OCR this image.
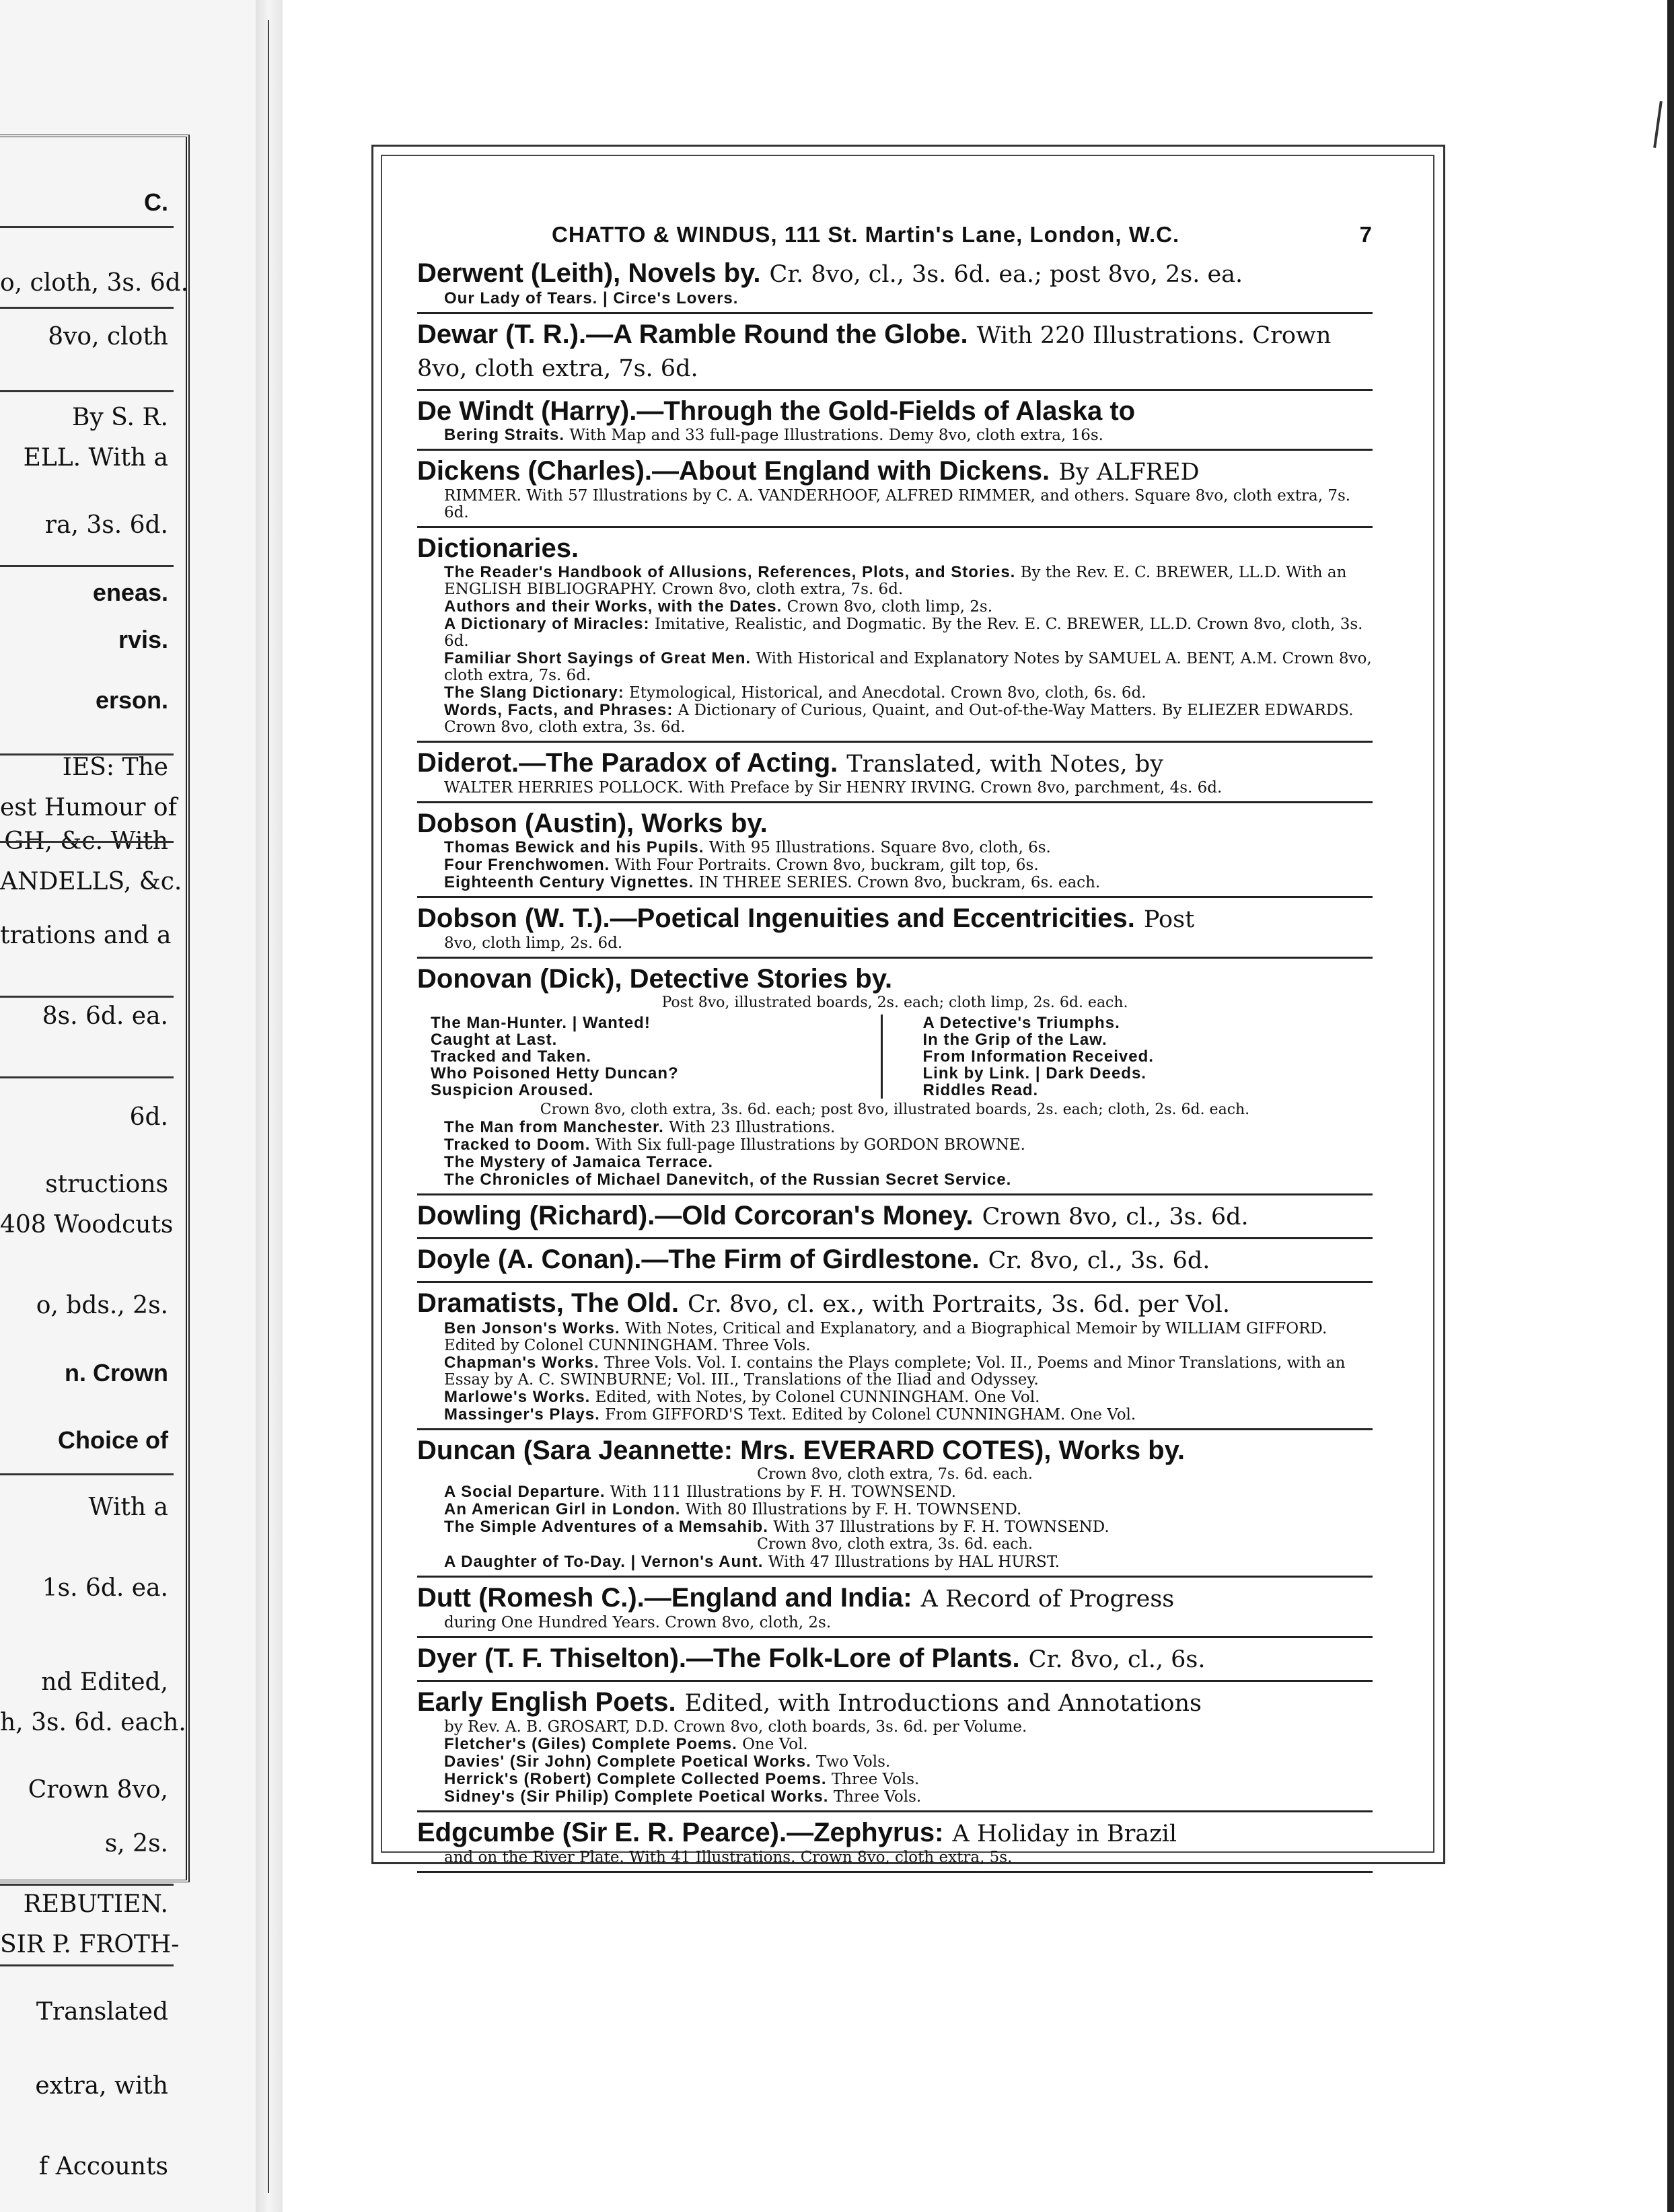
C.
o, cloth, 3s. 6d.
8vo, cloth
By S. R.
ELL. With a
ra, 3s. 6d.
eneas.
rvis.
erson.
IES: The
est Humour of
GH, &c. With
ANDELLS, &c.
trations and a
8s. 6d. ea.
6d.
structions
408 Woodcuts
o, bds., 2s.
n. Crown
Choice of
With a
1s. 6d. ea.
nd Edited,
h, 3s. 6d. each.
Crown 8vo,
s, 2s.
REBUTIEN.
SIR P. FROTH-
Translated
extra, with
f Accounts
CHATTO & WINDUS, 111 St. Martin's Lane, London, W.C.	7
Derwent (Leith), Novels by. Cr. 8vo, cl., 3s. 6d. ea.; post 8vo, 2s. ea.
Our Lady of Tears. | Circe's Lovers.
Dewar (T. R.).—A Ramble Round the Globe. With 220 Illustrations. Crown 8vo, cloth extra, 7s. 6d.
De Windt (Harry).—Through the Gold-Fields of Alaska to
Bering Straits. With Map and 33 full-page Illustrations. Demy 8vo, cloth extra, 16s.
Dickens (Charles).—About England with Dickens. By ALFRED
RIMMER. With 57 Illustrations by C. A. VANDERHOOF, ALFRED RIMMER, and others. Square 8vo, cloth extra, 7s. 6d.
Dictionaries.
The Reader's Handbook of Allusions, References, Plots, and Stories. By the Rev. E. C. BREWER, LL.D. With an ENGLISH BIBLIOGRAPHY. Crown 8vo, cloth extra, 7s. 6d.
Authors and their Works, with the Dates. Crown 8vo, cloth limp, 2s.
A Dictionary of Miracles: Imitative, Realistic, and Dogmatic. By the Rev. E. C. BREWER, LL.D. Crown 8vo, cloth, 3s. 6d.
Familiar Short Sayings of Great Men. With Historical and Explanatory Notes by SAMUEL A. BENT, A.M. Crown 8vo, cloth extra, 7s. 6d.
The Slang Dictionary: Etymological, Historical, and Anecdotal. Crown 8vo, cloth, 6s. 6d.
Words, Facts, and Phrases: A Dictionary of Curious, Quaint, and Out-of-the-Way Matters. By ELIEZER EDWARDS. Crown 8vo, cloth extra, 3s. 6d.
Diderot.—The Paradox of Acting. Translated, with Notes, by
WALTER HERRIES POLLOCK. With Preface by Sir HENRY IRVING. Crown 8vo, parchment, 4s. 6d.
Dobson (Austin), Works by.
Thomas Bewick and his Pupils. With 95 Illustrations. Square 8vo, cloth, 6s.
Four Frenchwomen. With Four Portraits. Crown 8vo, buckram, gilt top, 6s.
Eighteenth Century Vignettes. IN THREE SERIES. Crown 8vo, buckram, 6s. each.
Dobson (W. T.).—Poetical Ingenuities and Eccentricities. Post
8vo, cloth limp, 2s. 6d.
Donovan (Dick), Detective Stories by.
Post 8vo, illustrated boards, 2s. each; cloth limp, 2s. 6d. each.
The Man-Hunter. | Wanted!
Caught at Last.
Tracked and Taken.
Who Poisoned Hetty Duncan?
Suspicion Aroused.
A Detective's Triumphs.
In the Grip of the Law.
From Information Received.
Link by Link. | Dark Deeds.
Riddles Read.
Crown 8vo, cloth extra, 3s. 6d. each; post 8vo, illustrated boards, 2s. each; cloth, 2s. 6d. each.
The Man from Manchester. With 23 Illustrations.
Tracked to Doom. With Six full-page Illustrations by GORDON BROWNE.
The Mystery of Jamaica Terrace.
The Chronicles of Michael Danevitch, of the Russian Secret Service.
Dowling (Richard).—Old Corcoran's Money. Crown 8vo, cl., 3s. 6d.
Doyle (A. Conan).—The Firm of Girdlestone. Cr. 8vo, cl., 3s. 6d.
Dramatists, The Old. Cr. 8vo, cl. ex., with Portraits, 3s. 6d. per Vol.
Ben Jonson's Works. With Notes, Critical and Explanatory, and a Biographical Memoir by WILLIAM GIFFORD. Edited by Colonel CUNNINGHAM. Three Vols.
Chapman's Works. Three Vols. Vol. I. contains the Plays complete; Vol. II., Poems and Minor Translations, with an Essay by A. C. SWINBURNE; Vol. III., Translations of the Iliad and Odyssey.
Marlowe's Works. Edited, with Notes, by Colonel CUNNINGHAM. One Vol.
Massinger's Plays. From GIFFORD'S Text. Edited by Colonel CUNNINGHAM. One Vol.
Duncan (Sara Jeannette: Mrs. EVERARD COTES), Works by.
Crown 8vo, cloth extra, 7s. 6d. each.
A Social Departure. With 111 Illustrations by F. H. TOWNSEND.
An American Girl in London. With 80 Illustrations by F. H. TOWNSEND.
The Simple Adventures of a Memsahib. With 37 Illustrations by F. H. TOWNSEND.
Crown 8vo, cloth extra, 3s. 6d. each.
A Daughter of To-Day. | Vernon's Aunt. With 47 Illustrations by HAL HURST.
Dutt (Romesh C.).—England and India: A Record of Progress
during One Hundred Years. Crown 8vo, cloth, 2s.
Dyer (T. F. Thiselton).—The Folk-Lore of Plants. Cr. 8vo, cl., 6s.
Early English Poets. Edited, with Introductions and Annotations
by Rev. A. B. GROSART, D.D. Crown 8vo, cloth boards, 3s. 6d. per Volume.
Fletcher's (Giles) Complete Poems. One Vol.
Davies' (Sir John) Complete Poetical Works. Two Vols.
Herrick's (Robert) Complete Collected Poems. Three Vols.
Sidney's (Sir Philip) Complete Poetical Works. Three Vols.
Edgcumbe (Sir E. R. Pearce).—Zephyrus: A Holiday in Brazil
and on the River Plate. With 41 Illustrations. Crown 8vo, cloth extra, 5s.
